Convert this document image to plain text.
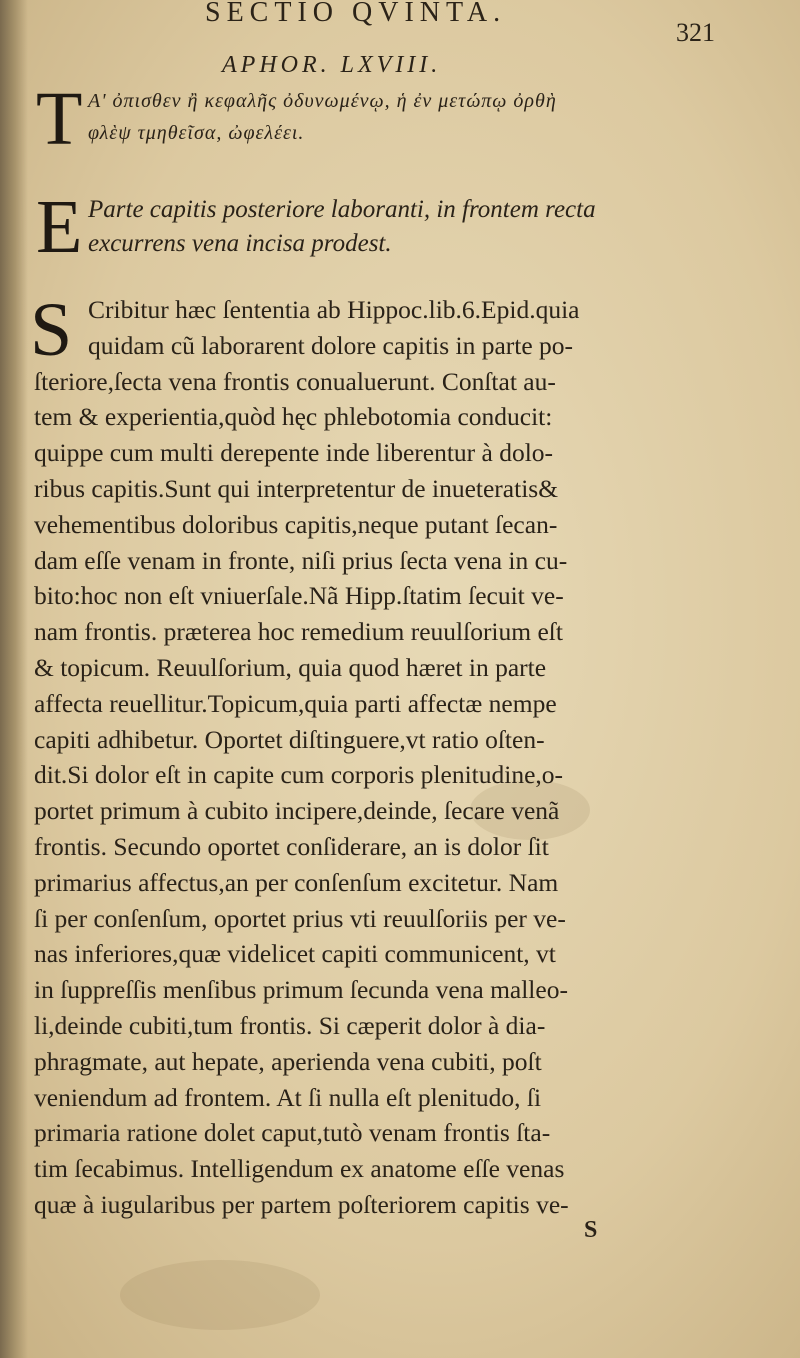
SECTIO QVINTA.
321
APHOR. LXVIII.
T A' ὀπισθεν ἢ κεφαλῆς ὀδυνωμένῳ, ἡ ἐν μετώπῳ ὀρθὴ
φλὲψ τμηθεῖσα, ὠφελέει.
E Parte capitis posteriore laboranti, in frontem recta
excurrens vena incisa prodest.
S Cribitur hæc ſententia ab Hippoc.lib.6.Epid.quia
quidam cũ laborarent dolore capitis in parte po-
ſteriore,ſecta vena frontis conualuerunt. Conſtat au-
tem & experientia,quòd hęc phlebotomia conducit:
quippe cum multi derepente inde liberentur à dolo-
ribus capitis.Sunt qui interpretentur de inueteratis&
vehementibus doloribus capitis,neque putant ſecan-
dam eſſe venam in fronte, niſi prius ſecta vena in cu-
bito:hoc non eſt vniuerſale.Nã Hipp.ſtatim ſecuit ve-
nam frontis. præterea hoc remedium reuulſorium eſt
& topicum. Reuulſorium, quia quod hæret in parte
affecta reuellitur.Topicum,quia parti affectæ nempe
capiti adhibetur. Oportet diſtinguere,vt ratio oſten-
dit.Si dolor eſt in capite cum corporis plenitudine,o-
portet primum à cubito incipere,deinde, ſecare venã
frontis. Secundo oportet conſiderare, an is dolor ſit
primarius affectus,an per conſenſum excitetur. Nam
ſi per conſenſum, oportet prius vti reuulſoriis per ve-
nas inferiores,quæ videlicet capiti communicent, vt
in ſuppreſſis menſibus primum ſecunda vena malleo-
li,deinde cubiti,tum frontis. Si cæperit dolor à dia-
phragmate, aut hepate, aperienda vena cubiti, poſt
veniendum ad frontem. At ſi nulla eſt plenitudo, ſi
primaria ratione dolet caput,tutò venam frontis ſta-
tim ſecabimus. Intelligendum ex anatome eſſe venas
quæ à iugularibus per partem poſteriorem capitis ve-
S
